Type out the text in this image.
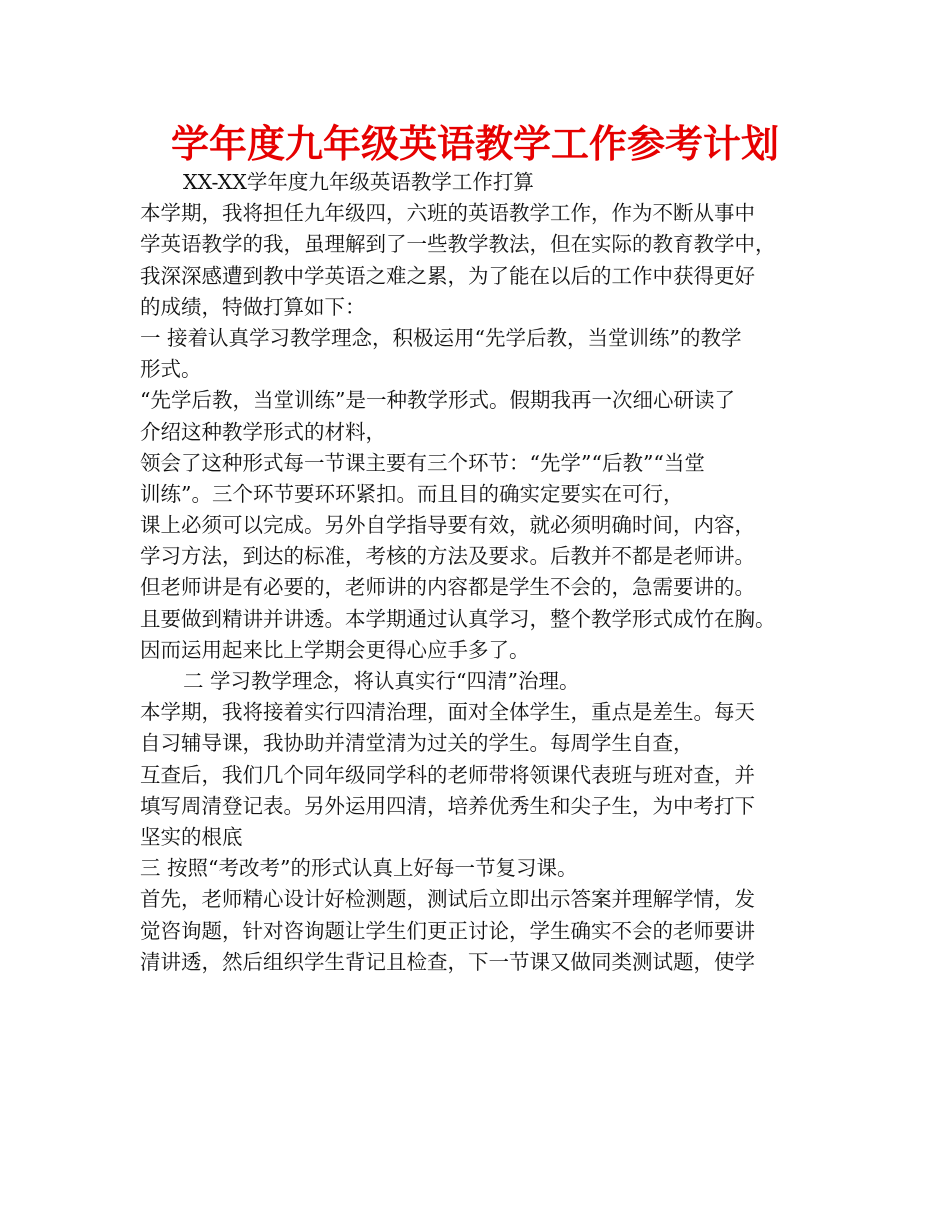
学年度九年级英语教学工作参考计划

XX-XX学年度九年级英语教学工作打算

本学期，我将担任九年级四，六班的英语教学工作，作为不断从事中

学英语教学的我，虽理解到了一些教学教法，但在实际的教育教学中，

我深深感遭到教中学英语之难之累，为了能在以后的工作中获得更好

的成绩，特做打算如下：

一 接着认真学习教学理念，积极运用“先学后教，当堂训练”的教学

形式。

“先学后教，当堂训练”是一种教学形式。假期我再一次细心研读了

介绍这种教学形式的材料，

领会了这种形式每一节课主要有三个环节：“先学”“后教”“当堂

训练”。三个环节要环环紧扣。而且目的确实定要实在可行，

课上必须可以完成。另外自学指导要有效，就必须明确时间，内容，

学习方法，到达的标准，考核的方法及要求。后教并不都是老师讲。

但老师讲是有必要的，老师讲的内容都是学生不会的，急需要讲的。

且要做到精讲并讲透。本学期通过认真学习，整个教学形式成竹在胸。

因而运用起来比上学期会更得心应手多了。

二 学习教学理念，将认真实行“四清”治理。

本学期，我将接着实行四清治理，面对全体学生，重点是差生。每天

自习辅导课，我协助并清堂清为过关的学生。每周学生自查，

互查后，我们几个同年级同学科的老师带将领课代表班与班对查，并

填写周清登记表。另外运用四清，培养优秀生和尖子生，为中考打下

坚实的根底

三 按照“考改考”的形式认真上好每一节复习课。

首先，老师精心设计好检测题，测试后立即出示答案并理解学情，发

觉咨询题，针对咨询题让学生们更正讨论，学生确实不会的老师要讲

清讲透，然后组织学生背记且检查，下一节课又做同类测试题，使学
